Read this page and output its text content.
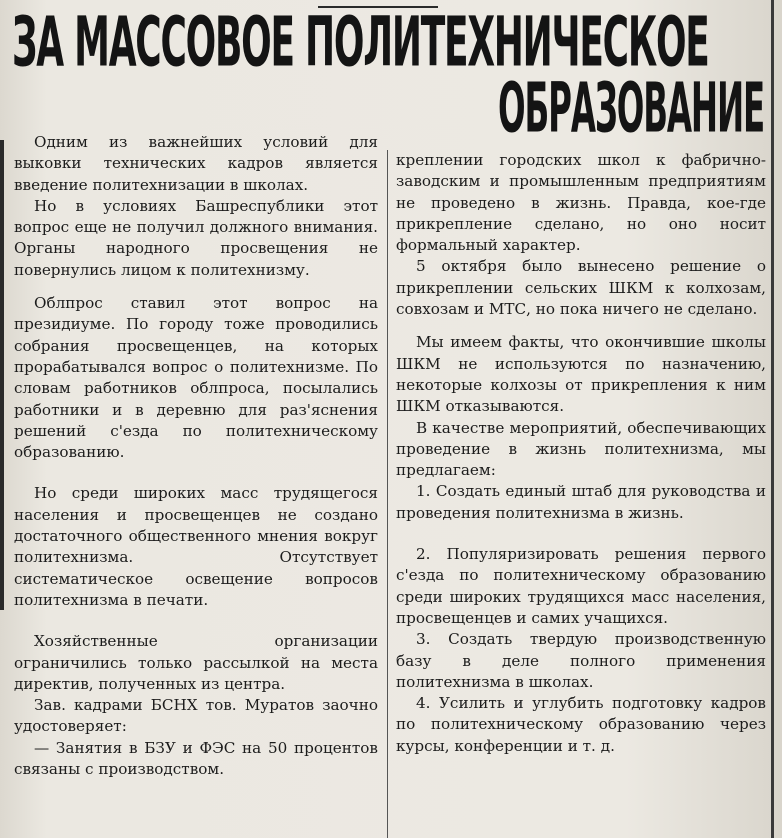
ЗА МАССОВОЕ ПОЛИТЕХНИЧЕСКОЕ
ОБРАЗОВАНИЕ

Одним из важнейших условий для выковки технических кадров является введение политехнизации в школах.

Но в условиях Башреспублики этот вопрос еще не получил должного внимания. Органы народного просвещения не повернулись лицом к политехнизму.

Облпрос ставил этот вопрос на президиуме. По городу тоже проводились собрания просвещенцев, на которых прорабатывался вопрос о политехнизме. По словам работников облпроса, посылались работники и в деревню для раз'яснения решений с'езда по политехническому образованию.

Но среди широких масс трудящегося населения и просвещенцев не создано достаточного общественного мнения вокруг политехнизма. Отсутствует систематическое освещение вопросов политехнизма в печати.

Хозяйственные организации ограничились только рассылкой на места директив, полученных из центра.

Зав. кадрами БСНХ тов. Муратов заочно удостоверяет:

— Занятия в БЗУ и ФЭС на 50 процентов связаны с производством.

креплении городских школ к фабрично-заводским и промышленным предприятиям не проведено в жизнь. Правда, кое-где прикрепление сделано, но оно носит формальный характер.

5 октября было вынесено решение о прикреплении сельских ШКМ к колхозам, совхозам и МТС, но пока ничего не сделано.

Мы имеем факты, что окончившие школы ШКМ не используются по назначению, некоторые колхозы от прикрепления к ним ШКМ отказываются.

В качестве мероприятий, обеспечивающих проведение в жизнь политехнизма, мы предлагаем:

1. Создать единый штаб для руководства и проведения политехнизма в жизнь.

2. Популяризировать решения первого с'езда по политехническому образованию среди широких трудящихся масс населения, просвещенцев и самих учащихся.

3. Создать твердую производственную базу в деле полного применения политехнизма в школах.

4. Усилить и углубить подготовку кадров по политехническому образованию через курсы, конференции и т. д.
